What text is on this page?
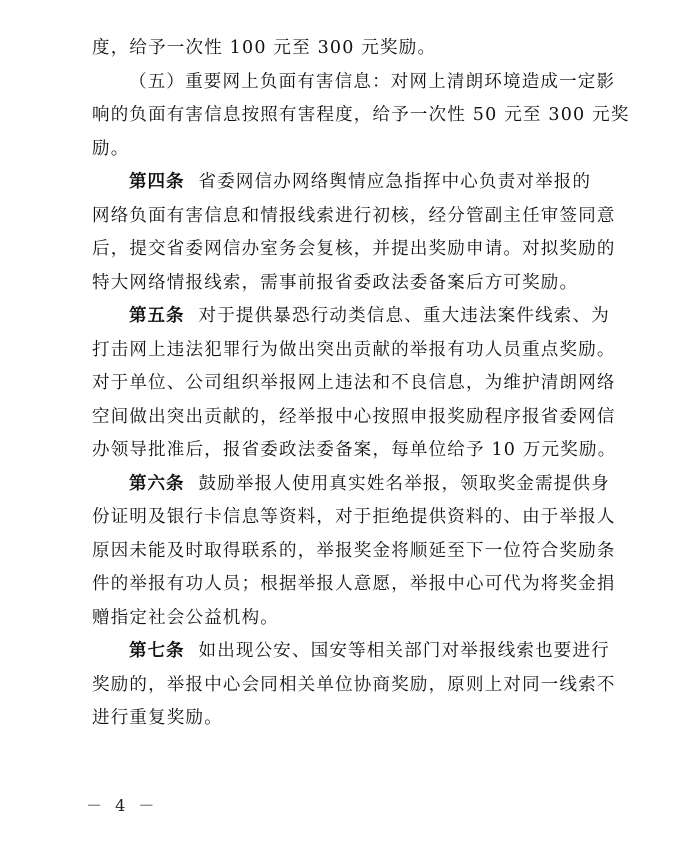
度，给予一次性 100 元至 300 元奖励。
（五）重要网上负面有害信息：对网上清朗环境造成一定影
响的负面有害信息按照有害程度，给予一次性 50 元至 300 元奖
励。
第四条 省委网信办网络舆情应急指挥中心负责对举报的
网络负面有害信息和情报线索进行初核，经分管副主任审签同意
后，提交省委网信办室务会复核，并提出奖励申请。对拟奖励的
特大网络情报线索，需事前报省委政法委备案后方可奖励。
第五条 对于提供暴恐行动类信息、重大违法案件线索、为
打击网上违法犯罪行为做出突出贡献的举报有功人员重点奖励。
对于单位、公司组织举报网上违法和不良信息，为维护清朗网络
空间做出突出贡献的，经举报中心按照申报奖励程序报省委网信
办领导批准后，报省委政法委备案，每单位给予 10 万元奖励。
第六条 鼓励举报人使用真实姓名举报，领取奖金需提供身
份证明及银行卡信息等资料，对于拒绝提供资料的、由于举报人
原因未能及时取得联系的，举报奖金将顺延至下一位符合奖励条
件的举报有功人员；根据举报人意愿，举报中心可代为将奖金捐
赠指定社会公益机构。
第七条 如出现公安、国安等相关部门对举报线索也要进行
奖励的，举报中心会同相关单位协商奖励，原则上对同一线索不
进行重复奖励。
－ 4 －
